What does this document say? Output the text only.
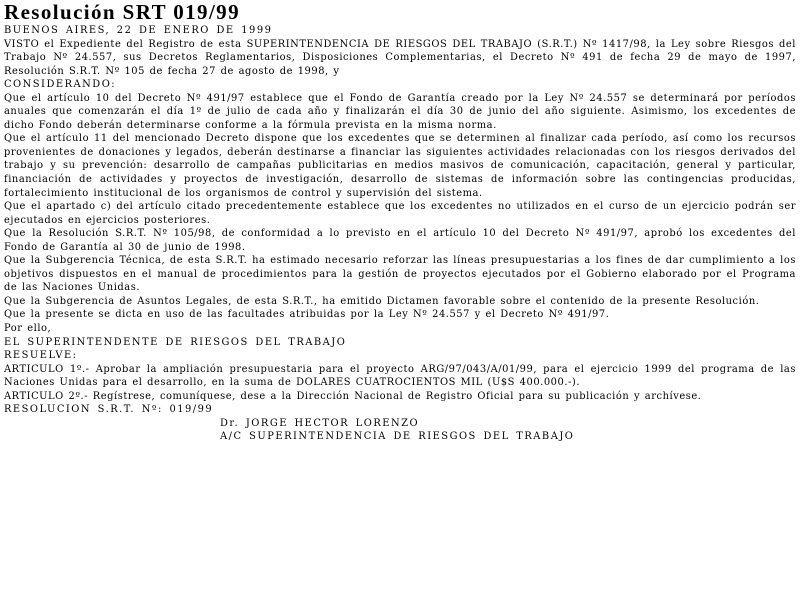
Resolución SRT 019/99
BUENOS AIRES, 22 DE ENERO DE 1999

VISTO el Expediente del Registro de esta SUPERINTENDENCIA DE RIESGOS DEL TRABAJO (S.R.T.) Nº 1417/98, la Ley sobre Riesgos del Trabajo Nº 24.557, sus Decretos Reglamentarios, Disposiciones Complementarias, el Decreto Nº 491 de fecha 29 de mayo de 1997, Resolución S.R.T. Nº 105 de fecha 27 de agosto de 1998, y

CONSIDERANDO:

Que el artículo 10 del Decreto Nº 491/97 establece que el Fondo de Garantía creado por la Ley Nº 24.557 se determinará por períodos anuales que comenzarán el día 1º de julio de cada año y finalizarán el día 30 de junio del año siguiente. Asimismo, los excedentes de dicho Fondo deberán determinarse conforme a la fórmula prevista en la misma norma.

Que el artículo 11 del mencionado Decreto dispone que los excedentes que se determinen al finalizar cada período, así como los recursos provenientes de donaciones y legados, deberán destinarse a financiar las siguientes actividades relacionadas con los riesgos derivados del trabajo y su prevención: desarrollo de campañas publicitarias en medios masivos de comunicación, capacitación, general y particular, financiación de actividades y proyectos de investigación, desarrollo de sistemas de información sobre las contingencias producidas, fortalecimiento institucional de los organismos de control y supervisión del sistema.

Que el apartado c) del artículo citado precedentemente establece que los excedentes no utilizados en el curso de un ejercicio podrán ser ejecutados en ejercicios posteriores.

Que la Resolución S.R.T. Nº 105/98, de conformidad a lo previsto en el artículo 10 del Decreto Nº 491/97, aprobó los excedentes del Fondo de Garantía al 30 de junio de 1998.

Que la Subgerencia Técnica, de esta S.R.T. ha estimado necesario reforzar las líneas presupuestarias a los fines de dar cumplimiento a los objetivos dispuestos en el manual de procedimientos para la gestión de proyectos ejecutados por el Gobierno elaborado por el Programa de las Naciones Unidas.

Que la Subgerencia de Asuntos Legales, de esta S.R.T., ha emitido Dictamen favorable sobre el contenido de la presente Resolución.

Que la presente se dicta en uso de las facultades atribuidas por la Ley Nº 24.557 y el Decreto Nº 491/97.

Por ello,
EL SUPERINTENDENTE DE RIESGOS DEL TRABAJO
RESUELVE:

ARTICULO 1º.- Aprobar la ampliación presupuestaria para el proyecto ARG/97/043/A/01/99, para el ejercicio 1999 del programa de las Naciones Unidas para el desarrollo, en la suma de DOLARES CUATROCIENTOS MIL (U$S 400.000.-).

ARTICULO 2º.- Regístrese, comuníquese, dese a la Dirección Nacional de Registro Oficial para su publicación y archívese.

RESOLUCION S.R.T. Nº: 019/99
Dr. JORGE HECTOR LORENZO
A/C SUPERINTENDENCIA DE RIESGOS DEL TRABAJO
